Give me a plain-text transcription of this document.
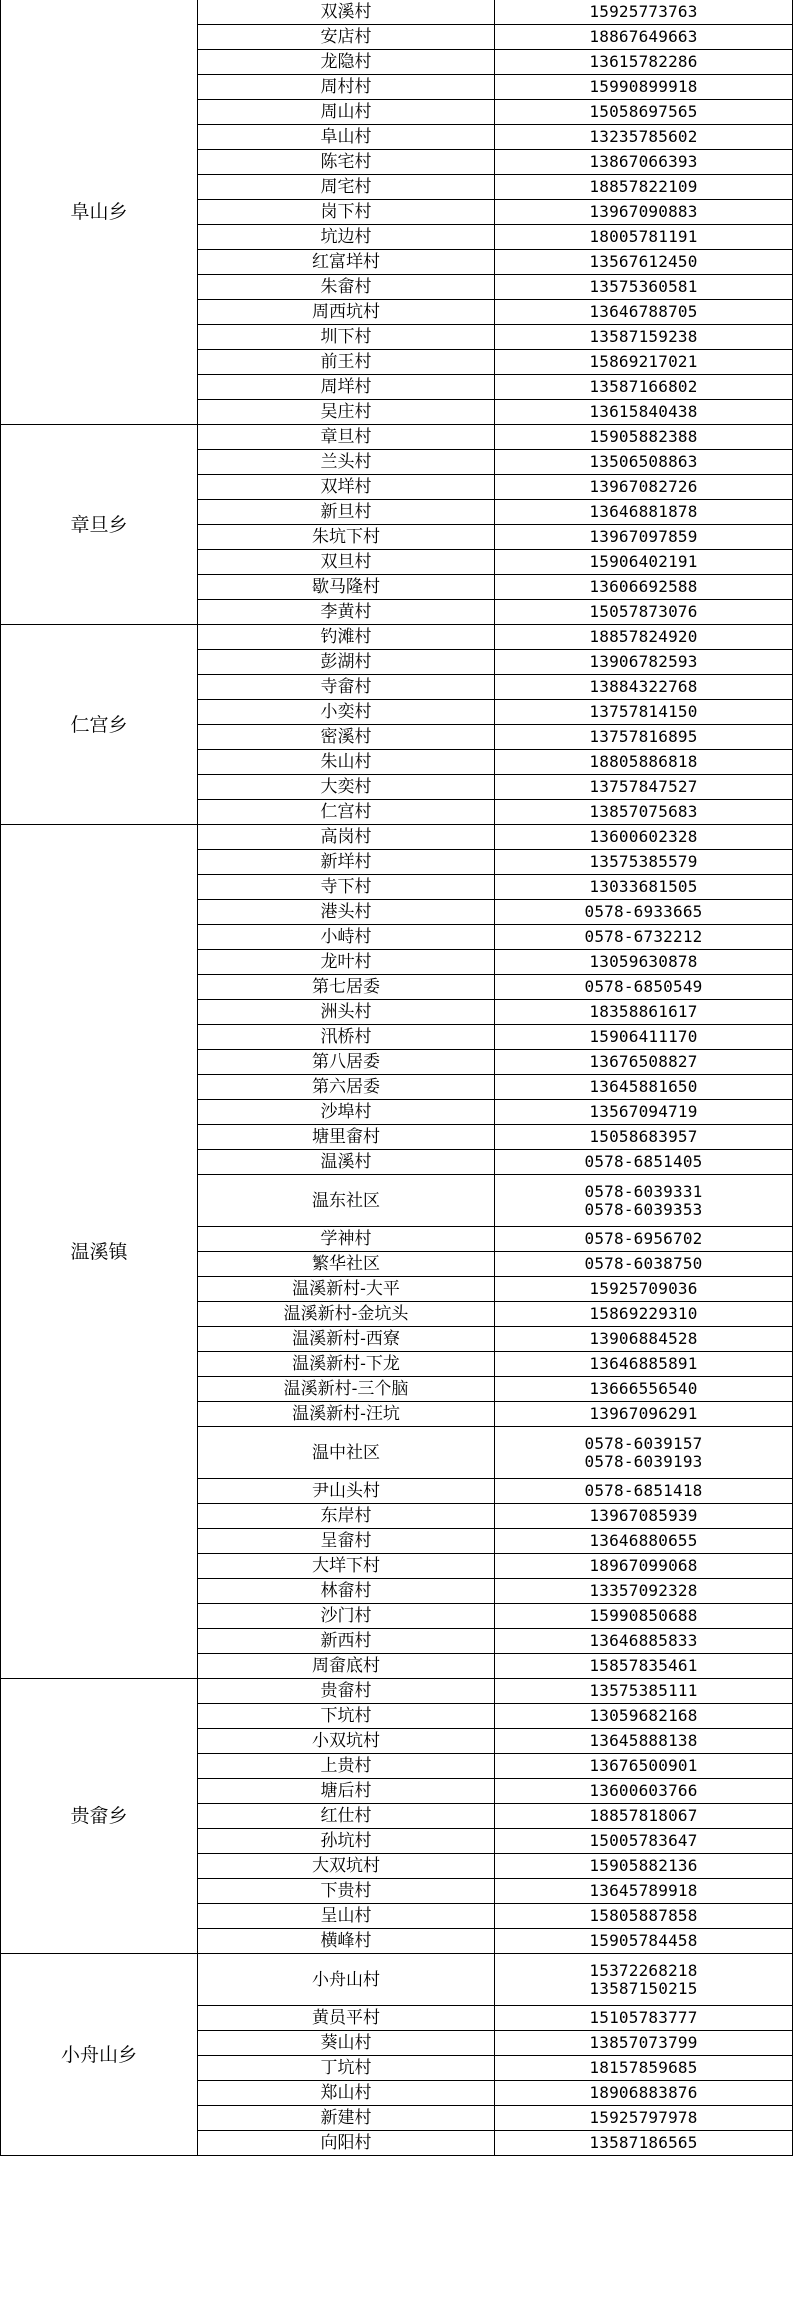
阜山乡	双溪村	15925773763

	安店村	18867649663

	龙隐村	13615782286

	周村村	15990899918

	周山村	15058697565

	阜山村	13235785602

	陈宅村	13867066393

	周宅村	18857822109

	岗下村	13967090883

	坑边村	18005781191

	红富垟村	13567612450

	朱畲村	13575360581

	周西坑村	13646788705

	圳下村	13587159238

	前王村	15869217021

	周垟村	13587166802

	吴庄村	13615840438

章旦乡	章旦村	15905882388

	兰头村	13506508863

	双垟村	13967082726

	新旦村	13646881878

	朱坑下村	13967097859

	双旦村	15906402191

	歇马隆村	13606692588

	李黄村	15057873076

仁宫乡	钓滩村	18857824920

	彭湖村	13906782593

	寺畲村	13884322768

	小奕村	13757814150

	密溪村	13757816895

	朱山村	18805886818

	大奕村	13757847527

	仁宫村	13857075683

温溪镇	高岗村	13600602328

	新垟村	13575385579

	寺下村	13033681505

	港头村	0578-6933665

	小峙村	0578-6732212

	龙叶村	13059630878

	第七居委	0578-6850549

	洲头村	18358861617

	汛桥村	15906411170

	第八居委	13676508827

	第六居委	13645881650

	沙埠村	13567094719

	塘里畲村	15058683957

	温溪村	0578-6851405

	温东社区	0578-6039331
0578-6039353

	学神村	0578-6956702

	繁华社区	0578-6038750

	温溪新村-大平	15925709036

	温溪新村-金坑头	15869229310

	温溪新村-西寮	13906884528

	温溪新村-下龙	13646885891

	温溪新村-三个脑	13666556540

	温溪新村-汪坑	13967096291

	温中社区	0578-6039157
0578-6039193

	尹山头村	0578-6851418

	东岸村	13967085939

	呈畲村	13646880655

	大垟下村	18967099068

	林畲村	13357092328

	沙门村	15990850688

	新西村	13646885833

	周畲底村	15857835461

贵畲乡	贵畲村	13575385111

	下坑村	13059682168

	小双坑村	13645888138

	上贵村	13676500901

	塘后村	13600603766

	红仕村	18857818067

	孙坑村	15005783647

	大双坑村	15905882136

	下贵村	13645789918

	呈山村	15805887858

	横峰村	15905784458

小舟山乡	小舟山村	15372268218
13587150215

	黄员平村	15105783777

	葵山村	13857073799

	丁坑村	18157859685

	郑山村	18906883876

	新建村	15925797978

	向阳村	13587186565
